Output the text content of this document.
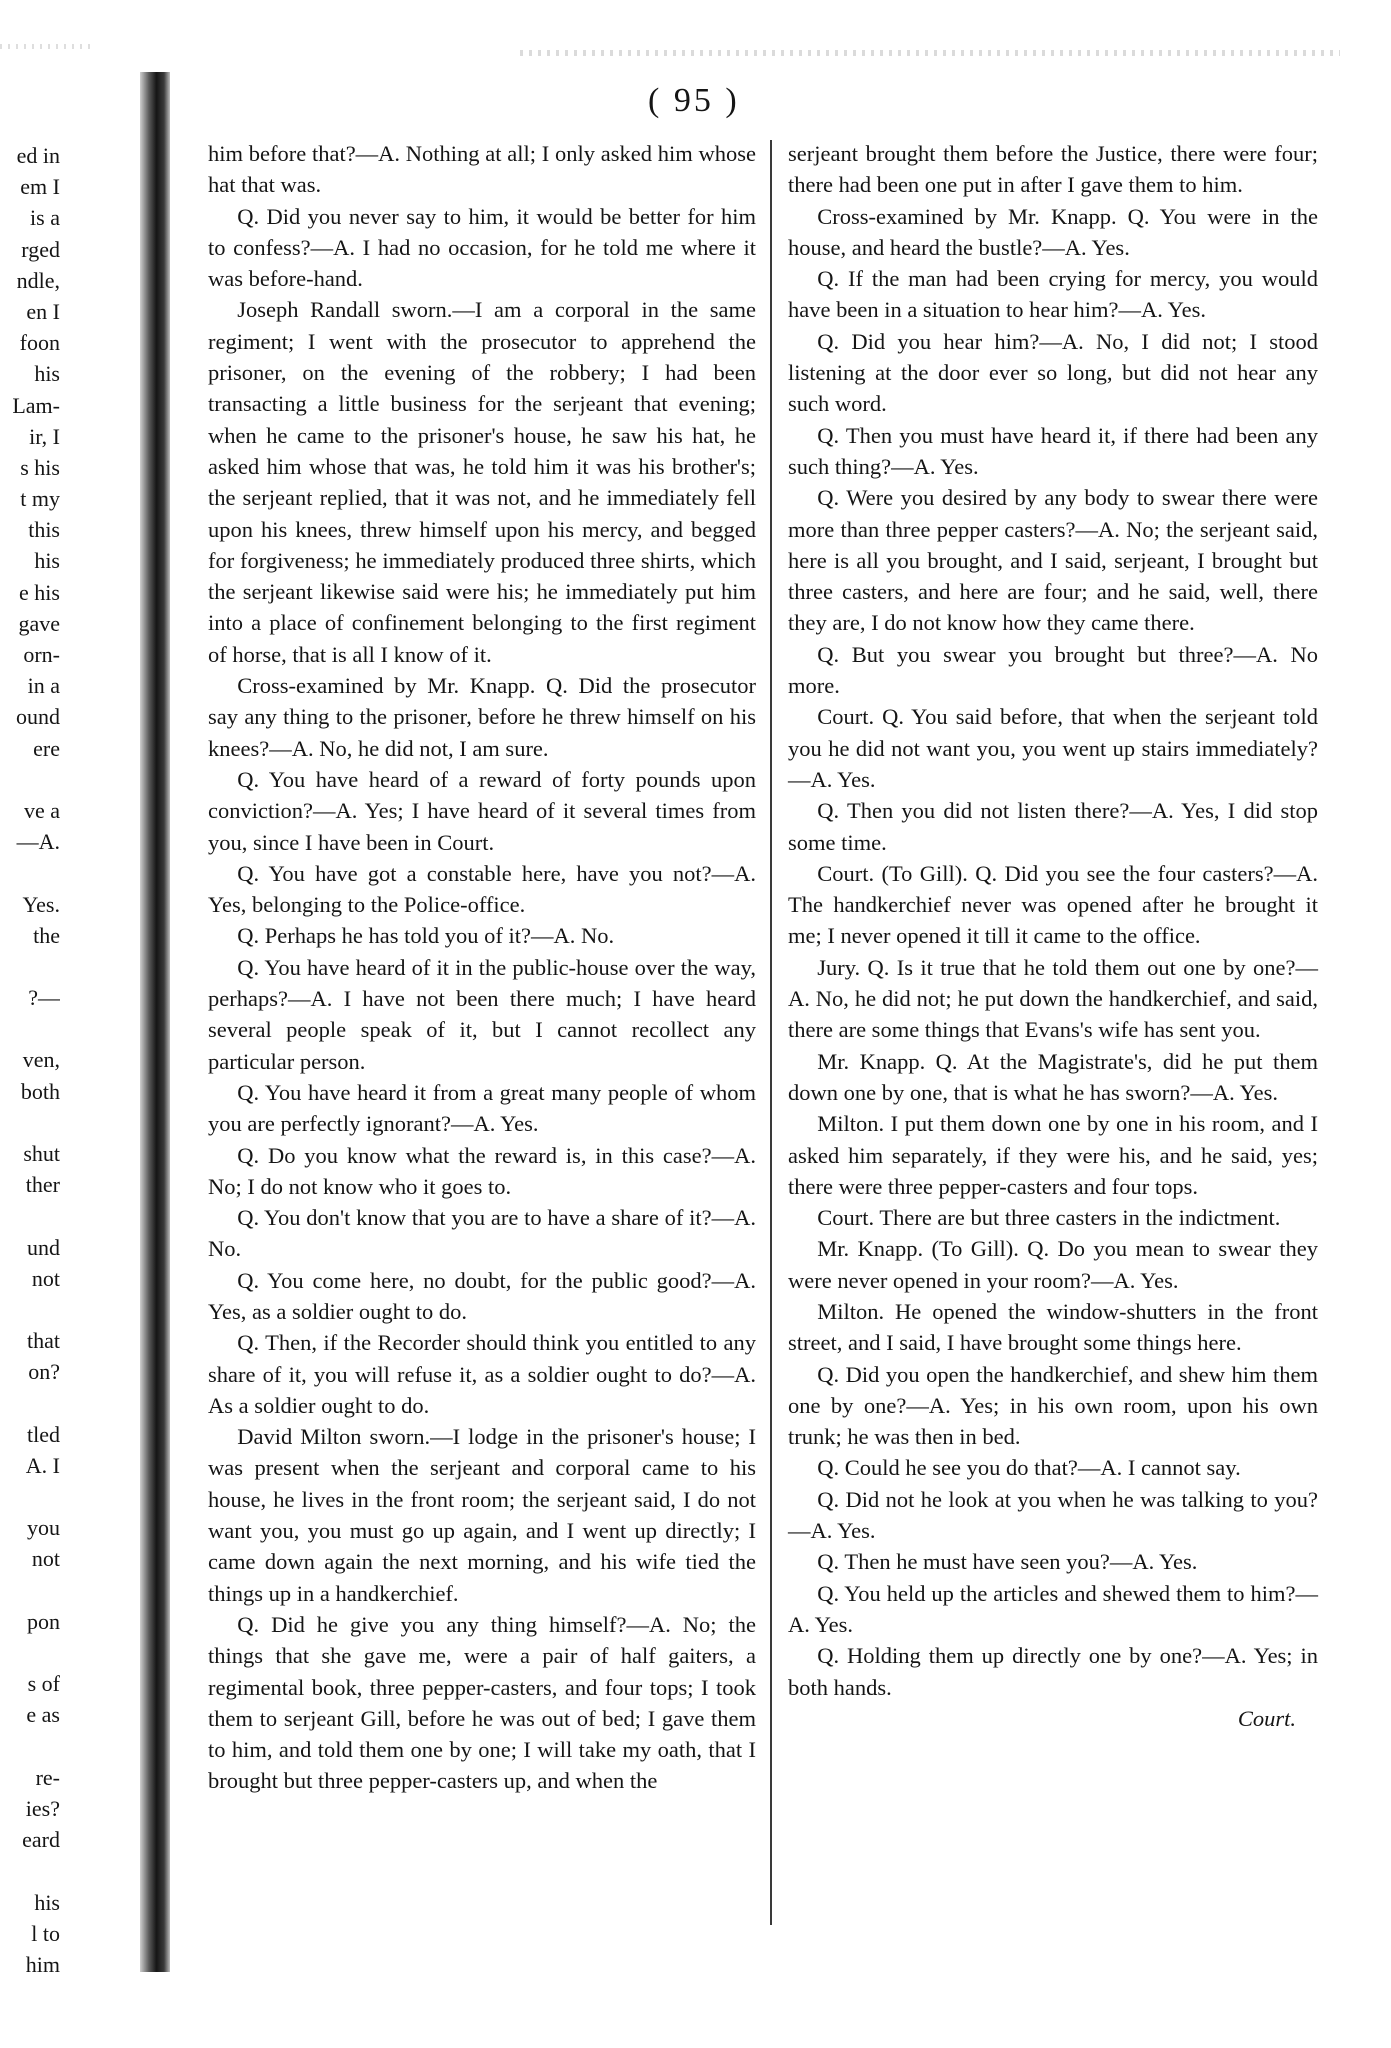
( 95 )
ed in
em I
is a
rged
ndle,
en I
foon
his
Lam-
ir, I
s his
t my
this
his
e his
gave
orn-
in a
ound
ere
ve a
—A.
Yes.
the
?—
ven,
both
shut
ther
und
not
that
on?
tled
A. I
you
not
pon
s of
e as
re-
ies?
eard
his
l to
him

him before that?—A. Nothing at all; I only asked him whose hat that was.

Q. Did you never say to him, it would be better for him to confess?—A. I had no occasion, for he told me where it was before-hand.

Joseph Randall sworn.—I am a corporal in the same regiment; I went with the prosecutor to apprehend the prisoner, on the evening of the robbery; I had been transacting a little business for the serjeant that evening; when he came to the prisoner's house, he saw his hat, he asked him whose that was, he told him it was his brother's; the serjeant replied, that it was not, and he immediately fell upon his knees, threw himself upon his mercy, and begged for forgiveness; he immediately produced three shirts, which the serjeant likewise said were his; he immediately put him into a place of confinement belonging to the first regiment of horse, that is all I know of it.

Cross-examined by Mr. Knapp. Q. Did the prosecutor say any thing to the prisoner, before he threw himself on his knees?—A. No, he did not, I am sure.

Q. You have heard of a reward of forty pounds upon conviction?—A. Yes; I have heard of it several times from you, since I have been in Court.

Q. You have got a constable here, have you not?—A. Yes, belonging to the Police-office.

Q. Perhaps he has told you of it?—A. No.

Q. You have heard of it in the public-house over the way, perhaps?—A. I have not been there much; I have heard several people speak of it, but I cannot recollect any particular person.

Q. You have heard it from a great many people of whom you are perfectly ignorant?—A. Yes.

Q. Do you know what the reward is, in this case?—A. No; I do not know who it goes to.

Q. You don't know that you are to have a share of it?—A. No.

Q. You come here, no doubt, for the public good?—A. Yes, as a soldier ought to do.

Q. Then, if the Recorder should think you entitled to any share of it, you will refuse it, as a soldier ought to do?—A. As a soldier ought to do.

David Milton sworn.—I lodge in the prisoner's house; I was present when the serjeant and corporal came to his house, he lives in the front room; the serjeant said, I do not want you, you must go up again, and I went up directly; I came down again the next morning, and his wife tied the things up in a handkerchief.

Q. Did he give you any thing himself?—A. No; the things that she gave me, were a pair of half gaiters, a regimental book, three pepper-casters, and four tops; I took them to serjeant Gill, before he was out of bed; I gave them to him, and told them one by one; I will take my oath, that I brought but three pepper-casters up, and when the

serjeant brought them before the Justice, there were four; there had been one put in after I gave them to him.

Cross-examined by Mr. Knapp. Q. You were in the house, and heard the bustle?—A. Yes.

Q. If the man had been crying for mercy, you would have been in a situation to hear him?—A. Yes.

Q. Did you hear him?—A. No, I did not; I stood listening at the door ever so long, but did not hear any such word.

Q. Then you must have heard it, if there had been any such thing?—A. Yes.

Q. Were you desired by any body to swear there were more than three pepper casters?—A. No; the serjeant said, here is all you brought, and I said, serjeant, I brought but three casters, and here are four; and he said, well, there they are, I do not know how they came there.

Q. But you swear you brought but three?—A. No more.

Court. Q. You said before, that when the serjeant told you he did not want you, you went up stairs immediately?—A. Yes.

Q. Then you did not listen there?—A. Yes, I did stop some time.

Court. (To Gill). Q. Did you see the four casters?—A. The handkerchief never was opened after he brought it me; I never opened it till it came to the office.

Jury. Q. Is it true that he told them out one by one?—A. No, he did not; he put down the handkerchief, and said, there are some things that Evans's wife has sent you.

Mr. Knapp. Q. At the Magistrate's, did he put them down one by one, that is what he has sworn?—A. Yes.

Milton. I put them down one by one in his room, and I asked him separately, if they were his, and he said, yes; there were three pepper-casters and four tops.

Court. There are but three casters in the indictment.

Mr. Knapp. (To Gill). Q. Do you mean to swear they were never opened in your room?—A. Yes.

Milton. He opened the window-shutters in the front street, and I said, I have brought some things here.

Q. Did you open the handkerchief, and shew him them one by one?—A. Yes; in his own room, upon his own trunk; he was then in bed.

Q. Could he see you do that?—A. I cannot say.

Q. Did not he look at you when he was talking to you?—A. Yes.

Q. Then he must have seen you?—A. Yes.

Q. You held up the articles and shewed them to him?—A. Yes.

Q. Holding them up directly one by one?—A. Yes; in both hands.

Court.
